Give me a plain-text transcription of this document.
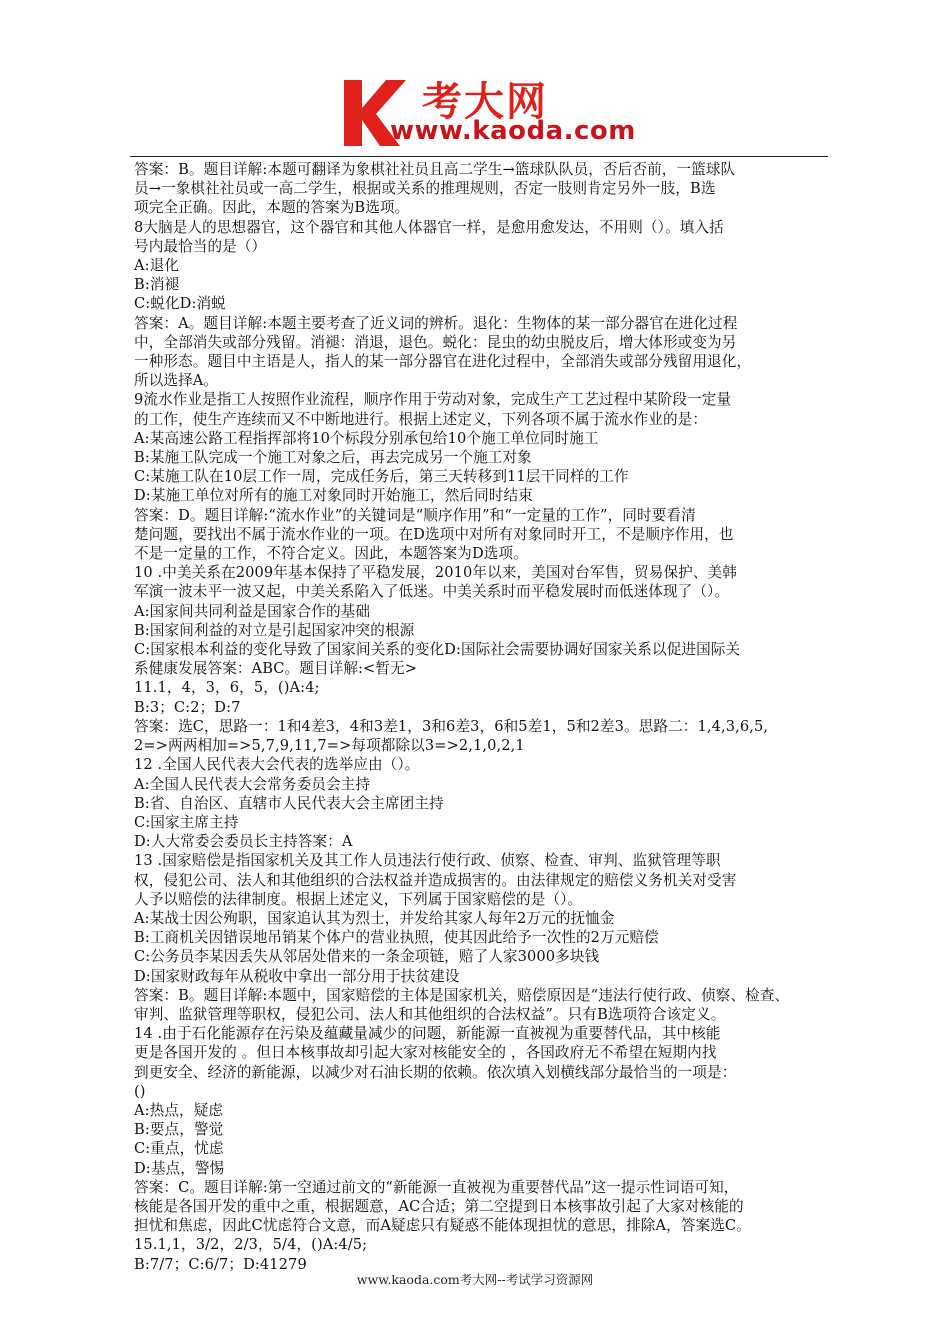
考大网
www.kaoda.com

答案：B。题目详解:本题可翻译为象棋社社员且高二学生→篮球队队员，否后否前，一篮球队

员→一象棋社社员或一高二学生，根据或关系的推理规则，否定一肢则肯定另外一肢，B选

项完全正确。因此，本题的答案为B选项。

8大脑是人的思想器官，这个器官和其他人体器官一样，是愈用愈发达，不用则（）。填入括

号内最恰当的是（）

A:退化

B:消褪

C:蜕化D:消蜕

答案：A。题目详解:本题主要考查了近义词的辨析。退化：生物体的某一部分器官在进化过程

中，全部消失或部分残留。消褪：消退，退色。蜕化：昆虫的幼虫脱皮后，增大体形或变为另

一种形态。题目中主语是人，指人的某一部分器官在进化过程中，全部消失或部分残留用退化，

所以选择A。

9流水作业是指工人按照作业流程，顺序作用于劳动对象，完成生产工艺过程中某阶段一定量

的工作，使生产连续而又不中断地进行。根据上述定义，下列各项不属于流水作业的是：

A:某高速公路工程指挥部将10个标段分别承包给10个施工单位同时施工

B:某施工队完成一个施工对象之后，再去完成另一个施工对象

C:某施工队在10层工作一周，完成任务后，第三天转移到11层干同样的工作

D:某施工单位对所有的施工对象同时开始施工，然后同时结束

答案：D。题目详解:“流水作业”的关键词是“顺序作用”和“一定量的工作”，同时要看清

楚问题，要找出不属于流水作业的一项。在D选项中对所有对象同时开工，不是顺序作用，也

不是一定量的工作，不符合定义。因此，本题答案为D选项。

10 .中美关系在2009年基本保持了平稳发展，2010年以来，美国对台军售，贸易保护、美韩

军演一波未平一波又起，中美关系陷入了低迷。中美关系时而平稳发展时而低迷体现了（）。

A:国家间共同利益是国家合作的基础

B:国家间利益的对立是引起国家冲突的根源

C:国家根本利益的变化导致了国家间关系的变化D:国际社会需要协调好国家关系以促进国际关

系健康发展答案：ABC。题目详解:<暂无>

11.1，4，3，6，5，()A:4;

B:3；C:2；D:7

答案：选C，思路一：1和4差3，4和3差1，3和6差3，6和5差1，5和2差3。思路二：1,4,3,6,5,

2=>两两相加=>5,7,9,11,7=>每项都除以3=>2,1,0,2,1

12 .全国人民代表大会代表的选举应由（）。

A:全国人民代表大会常务委员会主持

B:省、自治区、直辖市人民代表大会主席团主持

C:国家主席主持

D:人大常委会委员长主持答案：A

13 .国家赔偿是指国家机关及其工作人员违法行使行政、侦察、检查、审判、监狱管理等职

权，侵犯公司、法人和其他组织的合法权益并造成损害的。由法律规定的赔偿义务机关对受害

人予以赔偿的法律制度。根据上述定义，下列属于国家赔偿的是（）。

A:某战士因公殉职，国家追认其为烈士，并发给其家人每年2万元的抚恤金

B:工商机关因错误地吊销某个体户的营业执照，使其因此给予一次性的2万元赔偿

C:公务员李某因丢失从邻居处借来的一条金项链，赔了人家3000多块钱

D:国家财政每年从税收中拿出一部分用于扶贫建设

答案：B。题目详解:本题中，国家赔偿的主体是国家机关，赔偿原因是“违法行使行政、侦察、检查、

审判、监狱管理等职权，侵犯公司、法人和其他组织的合法权益”。只有B选项符合该定义。

14 .由于石化能源存在污染及蕴藏量减少的问题，新能源一直被视为重要替代品，其中核能

更是各国开发的 。但日本核事故却引起大家对核能安全的 ，各国政府无不希望在短期内找

到更安全、经济的新能源，以减少对石油长期的依赖。依次填入划横线部分最恰当的一项是：

()

A:热点，疑虑

B:要点，警觉

C:重点，忧虑

D:基点，警惕

答案：C。题目详解:第一空通过前文的“新能源一直被视为重要替代品”这一提示性词语可知，

核能是各国开发的重中之重，根据题意，AC合适；第二空提到日本核事故引起了大家对核能的

担忧和焦虑，因此C忧虑符合文意，而A疑虑只有疑惑不能体现担忧的意思，排除A，答案选C。

15.1,1，3/2，2/3，5/4，()A:4/5;

B:7/7；C:6/7；D:41279

www.kaoda.com考大网--考试学习资源网
